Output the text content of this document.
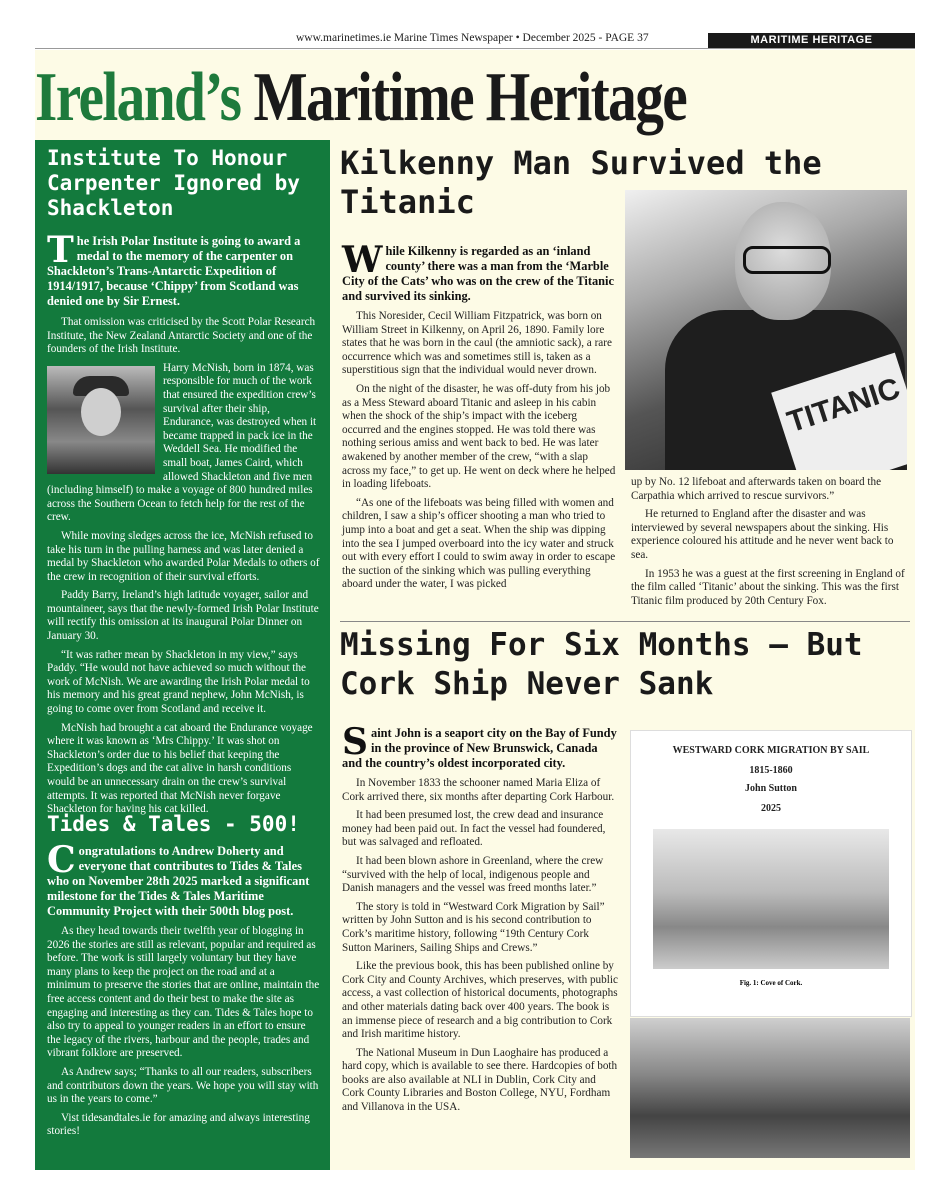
www.marinetimes.ie Marine Times Newspaper • December 2025 - PAGE 37	MARITIME HERITAGE
Ireland’s Maritime Heritage
Institute To Honour Carpenter Ignored by Shackleton

The Irish Polar Institute is going to award a medal to the memory of the carpenter on Shackleton’s Trans-Antarctic Expedition of 1914/1917, because ‘Chippy’ from Scotland was denied one by Sir Ernest.

That omission was criticised by the Scott Polar Research Institute, the New Zealand Antarctic Society and one of the founders of the Irish Institute.

Harry McNish, born in 1874, was responsible for much of the work that ensured the expedition crew’s survival after their ship, Endurance, was destroyed when it became trapped in pack ice in the Weddell Sea. He modified the small boat, James Caird, which allowed Shackleton and five men (including himself) to make a voyage of 800 hundred miles across the Southern Ocean to fetch help for the rest of the crew.

While moving sledges across the ice, McNish refused to take his turn in the pulling harness and was later denied a medal by Shackleton who awarded Polar Medals to others of the crew in recognition of their survival efforts.

Paddy Barry, Ireland’s high latitude voyager, sailor and mountaineer, says that the newly-formed Irish Polar Institute will rectify this omission at its inaugural Polar Dinner on January 30.

“It was rather mean by Shackleton in my view,” says Paddy. “He would not have achieved so much without the work of McNish. We are awarding the Irish Polar medal to his memory and his great grand nephew, John McNish, is going to come over from Scotland and receive it.

McNish had brought a cat aboard the Endurance voyage where it was known as ‘Mrs Chippy.’ It was shot on Shackleton’s order due to his belief that keeping the Expedition’s dogs and the cat alive in harsh conditions would be an unnecessary drain on the crew’s survival attempts. It was reported that McNish never forgave Shackleton for having his cat killed.

Tides & Tales - 500!

Congratulations to Andrew Doherty and everyone that contributes to Tides & Tales who on November 28th 2025 marked a significant milestone for the Tides & Tales Maritime Community Project with their 500th blog post.

As they head towards their twelfth year of blogging in 2026 the stories are still as relevant, popular and required as before. The work is still largely voluntary but they have many plans to keep the project on the road and at a minimum to preserve the stories that are online, maintain the free access content and do their best to make the site as engaging and interesting as they can. Tides & Tales hope to also try to appeal to younger readers in an effort to ensure the legacy of the rivers, harbour and the people, trades and vibrant folklore are preserved.

As Andrew says; “Thanks to all our readers, subscribers and contributors down the years. We hope you will stay with us in the years to come.”

Vist tidesandtales.ie for amazing and always interesting stories!

Kilkenny Man Survived the Titanic

While Kilkenny is regarded as an ‘inland county’ there was a man from the ‘Marble City of the Cats’ who was on the crew of the Titanic and survived its sinking.

This Noresider, Cecil William Fitzpatrick, was born on William Street in Kilkenny, on April 26, 1890. Family lore states that he was born in the caul (the amniotic sack), a rare occurrence which was and sometimes still is, taken as a superstitious sign that the individual would never drown.

On the night of the disaster, he was off-duty from his job as a Mess Steward aboard Titanic and asleep in his cabin when the shock of the ship’s impact with the iceberg occurred and the engines stopped. He was told there was nothing serious amiss and went back to bed. He was later awakened by another member of the crew, “with a slap across my face,” to get up. He went on deck where he helped in loading lifeboats.

“As one of the lifeboats was being filled with women and children, I saw a ship’s officer shooting a man who tried to jump into a boat and get a seat. When the ship was dipping into the sea I jumped overboard into the icy water and struck out with every effort I could to swim away in order to escape the suction of the sinking which was pulling everything aboard under the water, I was picked

TITANIC

up by No. 12 lifeboat and afterwards taken on board the Carpathia which arrived to rescue survivors.”

He returned to England after the disaster and was interviewed by several newspapers about the sinking. His experience coloured his attitude and he never went back to sea.

In 1953 he was a guest at the first screening in England of the film called ‘Titanic’ about the sinking. This was the first Titanic film produced by 20th Century Fox.

Missing For Six Months – But Cork Ship Never Sank

Saint John is a seaport city on the Bay of Fundy in the province of New Brunswick, Canada and the country’s oldest incorporated city.

In November 1833 the schooner named Maria Eliza of Cork arrived there, six months after departing Cork Harbour.

It had been presumed lost, the crew dead and insurance money had been paid out. In fact the vessel had foundered, but was salvaged and refloated.

It had been blown ashore in Greenland, where the crew “survived with the help of local, indigenous people and Danish managers and the vessel was freed months later.”

The story is told in “Westward Cork Migration by Sail” written by John Sutton and is his second contribution to Cork’s maritime history, following “19th Century Cork Sutton Mariners, Sailing Ships and Crews.”

Like the previous book, this has been published online by Cork City and County Archives, which preserves, with public access, a vast collection of historical documents, photographs and other materials dating back over 400 years. The book is an immense piece of research and a big contribution to Cork and Irish maritime history.

The National Museum in Dun Laoghaire has produced a hard copy, which is available to see there. Hardcopies of both books are also available at NLI in Dublin, Cork City and Cork County Libraries and Boston College, NYU, Fordham and Villanova in the USA.

WESTWARD CORK MIGRATION BY SAIL
1815-1860
John Sutton
2025
Fig. 1: Cove of Cork.
